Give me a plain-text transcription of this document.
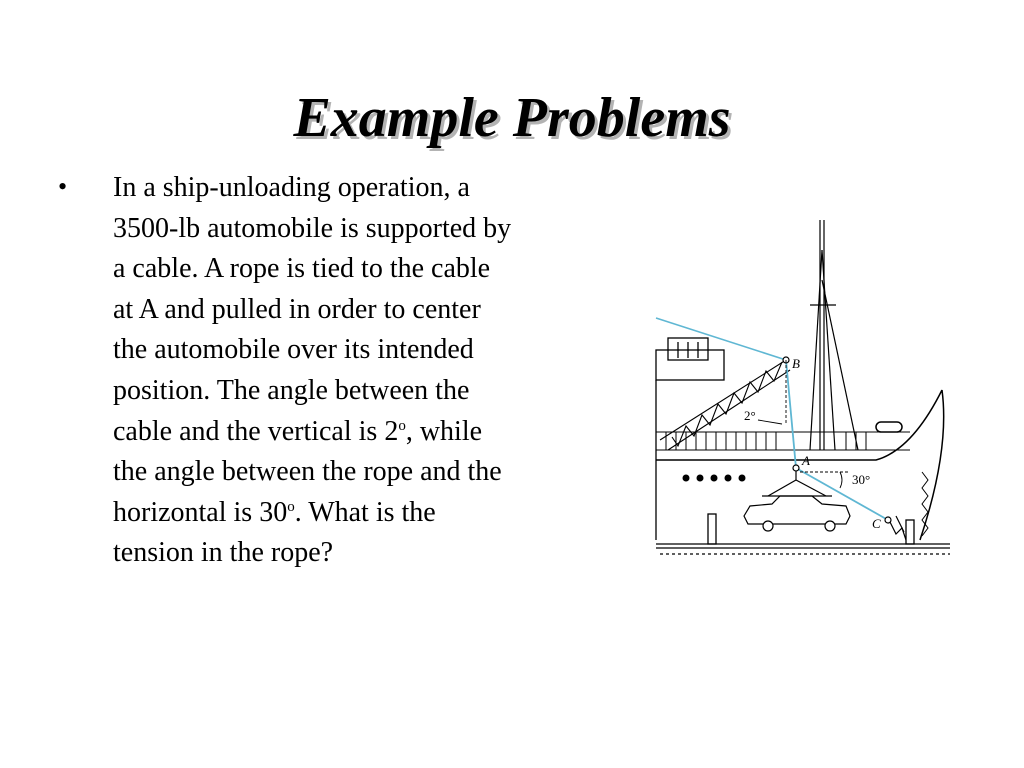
Example Problems
• In a ship-unloading operation, a
3500-lb automobile is supported by
a cable. A rope is tied to the cable
at A and pulled in order to center
the automobile over its intended
position. The angle between the
cable and the vertical is 2$^o$, while
the angle between the rope and the
horizontal is 30$^o$. What is the
tension in the rope?

B
A
C
2°
30°
